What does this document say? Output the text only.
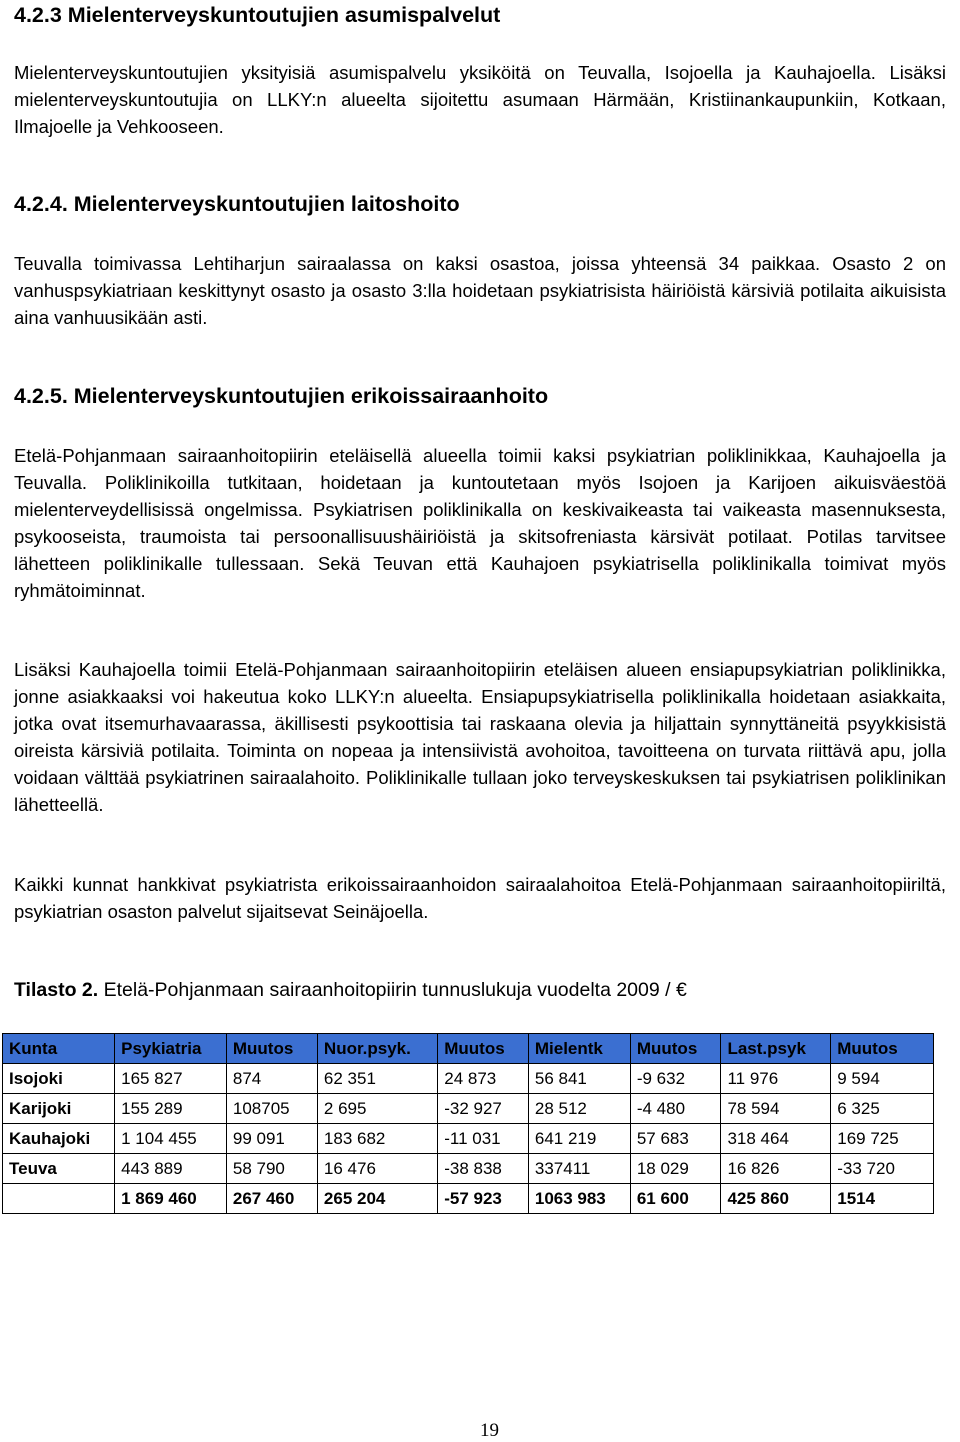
4.2.3 Mielenterveyskuntoutujien asumispalvelut

Mielenterveyskuntoutujien yksityisiä asumispalvelu yksiköitä on Teuvalla, Isojoella ja Kauhajoella. Lisäksi mielenterveyskuntoutujia on LLKY:n alueelta sijoitettu asumaan Härmään, Kristiinankaupunkiin, Kotkaan, Ilmajoelle ja Vehkooseen.

4.2.4. Mielenterveyskuntoutujien laitoshoito

Teuvalla toimivassa Lehtiharjun sairaalassa on kaksi osastoa, joissa yhteensä 34 paikkaa. Osasto 2 on vanhuspsykiatriaan keskittynyt osasto ja osasto 3:lla hoidetaan psykiatrisista häiriöistä kärsiviä potilaita aikuisista aina vanhuusikään asti.

4.2.5. Mielenterveyskuntoutujien erikoissairaanhoito

Etelä-Pohjanmaan sairaanhoitopiirin eteläisellä alueella toimii kaksi psykiatrian poliklinikkaa, Kauhajoella ja Teuvalla. Poliklinikoilla tutkitaan, hoidetaan ja kuntoutetaan myös Isojoen ja Karijoen aikuisväestöä mielenterveydellisissä ongelmissa. Psykiatrisen poliklinikalla on keskivaikeasta tai vaikeasta masennuksesta, psykooseista, traumoista tai persoonallisuushäiriöistä ja skitsofreniasta kärsivät potilaat. Potilas tarvitsee lähetteen poliklinikalle tullessaan. Sekä Teuvan että Kauhajoen psykiatrisella poliklinikalla toimivat myös ryhmätoiminnat.

Lisäksi Kauhajoella toimii Etelä-Pohjanmaan sairaanhoitopiirin eteläisen alueen ensiapupsykiatrian poliklinikka, jonne asiakkaaksi voi hakeutua koko LLKY:n alueelta. Ensiapupsykiatrisella poliklinikalla hoidetaan asiakkaita, jotka ovat itsemurhavaarassa, äkillisesti psykoottisia tai raskaana olevia ja hiljattain synnyttäneitä psyykkisistä oireista kärsiviä potilaita. Toiminta on nopeaa ja intensiivistä avohoitoa, tavoitteena on turvata riittävä apu, jolla voidaan välttää psykiatrinen sairaalahoito. Poliklinikalle tullaan joko terveyskeskuksen tai psykiatrisen poliklinikan lähetteellä.

Kaikki kunnat hankkivat psykiatrista erikoissairaanhoidon sairaalahoitoa Etelä-Pohjanmaan sairaanhoitopiiriltä, psykiatrian osaston palvelut sijaitsevat Seinäjoella.

Tilasto 2. Etelä-Pohjanmaan sairaanhoitopiirin tunnuslukuja vuodelta 2009 / €
Kunta	Psykiatria	Muutos	Nuor.psyk.	Muutos	Mielentk	Muutos	Last.psyk	Muutos
Isojoki	165 827	874	62 351	24 873	56 841	-9 632	11 976	9 594
Karijoki	155 289	108705	2 695	-32 927	28 512	-4 480	78 594	6 325
Kauhajoki	1 104 455	99 091	183 682	-11 031	641 219	57 683	318 464	169 725
Teuva	443 889	58 790	16 476	-38 838	337411	18 029	16 826	-33 720
	1 869 460	267 460	265 204	-57 923	1063 983	61 600	425 860	1514
19
